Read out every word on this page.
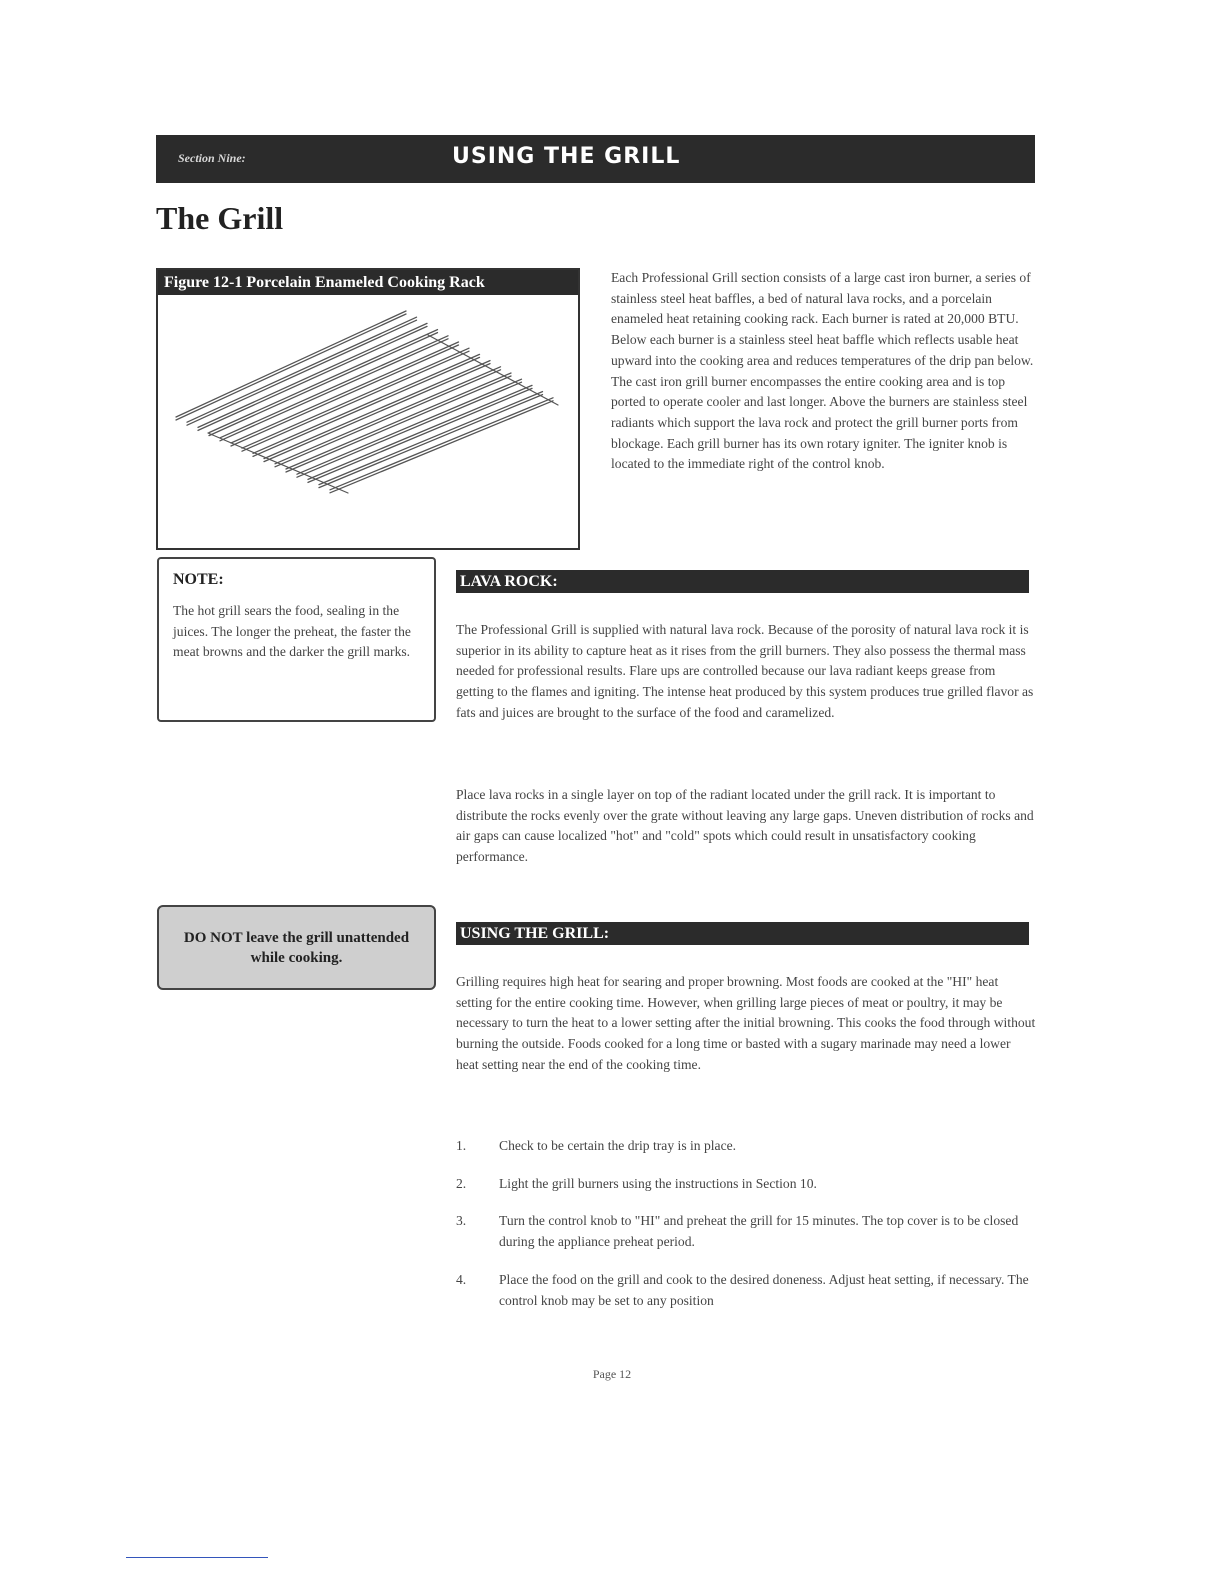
Section Nine:	USING THE GRILL
The Grill
Figure 12-1 Porcelain Enameled Cooking Rack	Each Professional Grill section consists of a large cast iron burner, a series of stainless steel heat baffles, a bed of natural lava rocks, and a porcelain enameled heat retaining cooking rack. Each burner is rated at 20,000 BTU. Below each burner is a stainless steel heat baffle which reflects usable heat upward into the cooking area and reduces temperatures of the drip pan below. The cast iron grill burner encompasses the entire cooking area and is top ported to operate cooler and last longer. Above the burners are stainless steel radiants which support the lava rock and protect the grill burner ports from blockage. Each grill burner has its own rotary igniter. The igniter knob is located to the immediate right of the control knob.
NOTE:
The hot grill sears the food, sealing in the juices. The longer the preheat, the faster the meat browns and the darker the grill marks.
LAVA ROCK:

The Professional Grill is supplied with natural lava rock. Because of the porosity of natural lava rock it is superior in its ability to capture heat as it rises from the grill burners. They also possess the thermal mass needed for professional results. Flare ups are controlled because our lava radiant keeps grease from getting to the flames and igniting. The intense heat produced by this system produces true grilled flavor as fats and juices are brought to the surface of the food and caramelized.

Place lava rocks in a single layer on top of the radiant located under the grill rack. It is important to distribute the rocks evenly over the grate without leaving any large gaps. Uneven distribution of rocks and air gaps can cause localized "hot" and "cold" spots which could result in unsatisfactory cooking performance.

DO NOT leave the grill unattended while cooking.
USING THE GRILL:

Grilling requires high heat for searing and proper browning. Most foods are cooked at the "HI" heat setting for the entire cooking time. However, when grilling large pieces of meat or poultry, it may be necessary to turn the heat to a lower setting after the initial browning. This cooks the food through without burning the outside. Foods cooked for a long time or basted with a sugary marinade may need a lower heat setting near the end of the cooking time.

1. Check to be certain the drip tray is in place.
2. Light the grill burners using the instructions in Section 10.
3. Turn the control knob to "HI" and preheat the grill for 15 minutes. The top cover is to be closed during the appliance preheat period.
4. Place the food on the grill and cook to the desired doneness. Adjust heat setting, if necessary. The control knob may be set to any position
Page 12
